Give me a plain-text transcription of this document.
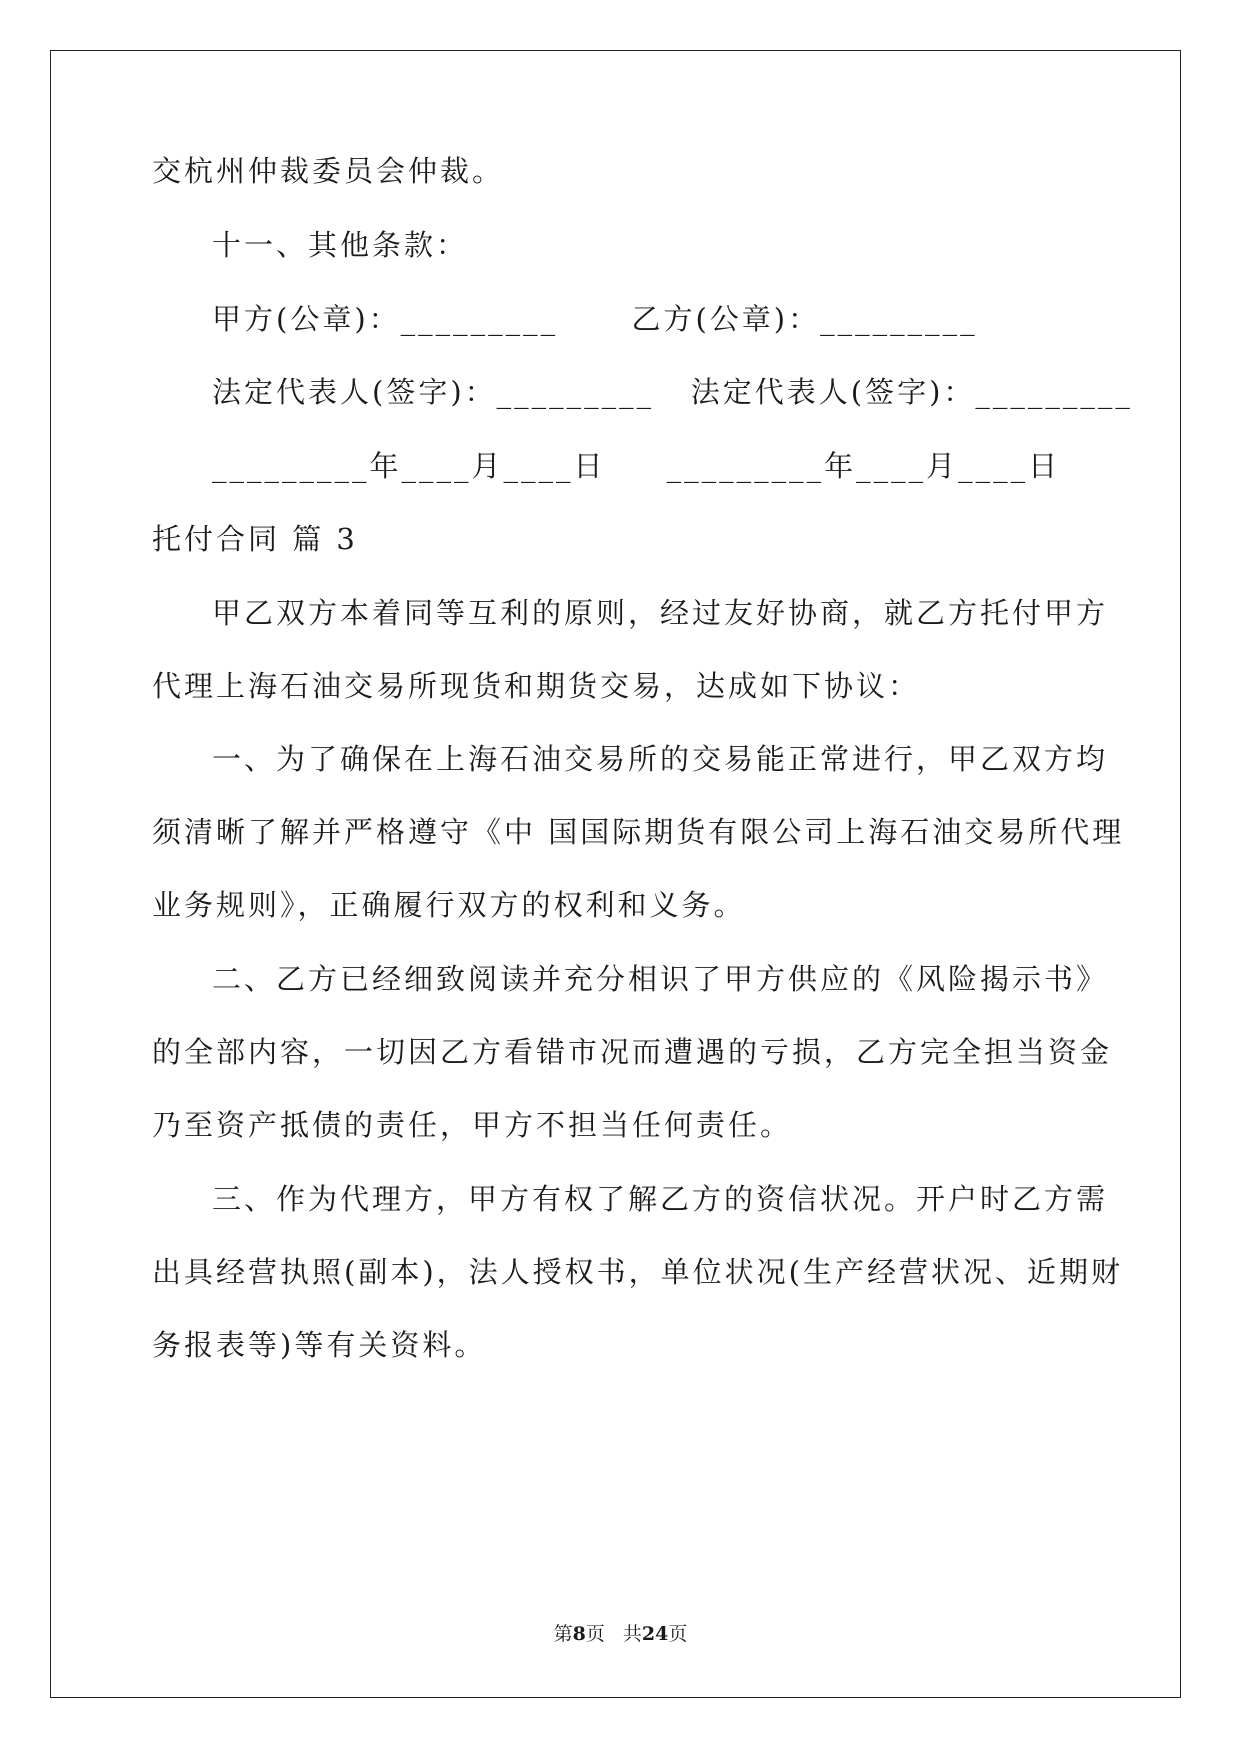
交杭州仲裁委员会仲裁。
十一、其他条款：
甲方(公章)：_________      乙方(公章)：_________
法定代表人(签字)：_________   法定代表人(签字)：_________
_________年____月____日     _________年____月____日
托付合同 篇 3
甲乙双方本着同等互利的原则，经过友好协商，就乙方托付甲方
代理上海石油交易所现货和期货交易，达成如下协议：
一、为了确保在上海石油交易所的交易能正常进行，甲乙双方均
须清晰了解并严格遵守《中 国国际期货有限公司上海石油交易所代理
业务规则》，正确履行双方的权利和义务。
二、乙方已经细致阅读并充分相识了甲方供应的《风险揭示书》
的全部内容，一切因乙方看错市况而遭遇的亏损，乙方完全担当资金
乃至资产抵债的责任，甲方不担当任何责任。
三、作为代理方，甲方有权了解乙方的资信状况。开户时乙方需
出具经营执照(副本)，法人授权书，单位状况(生产经营状况、近期财
务报表等)等有关资料。
第8页 共24页
